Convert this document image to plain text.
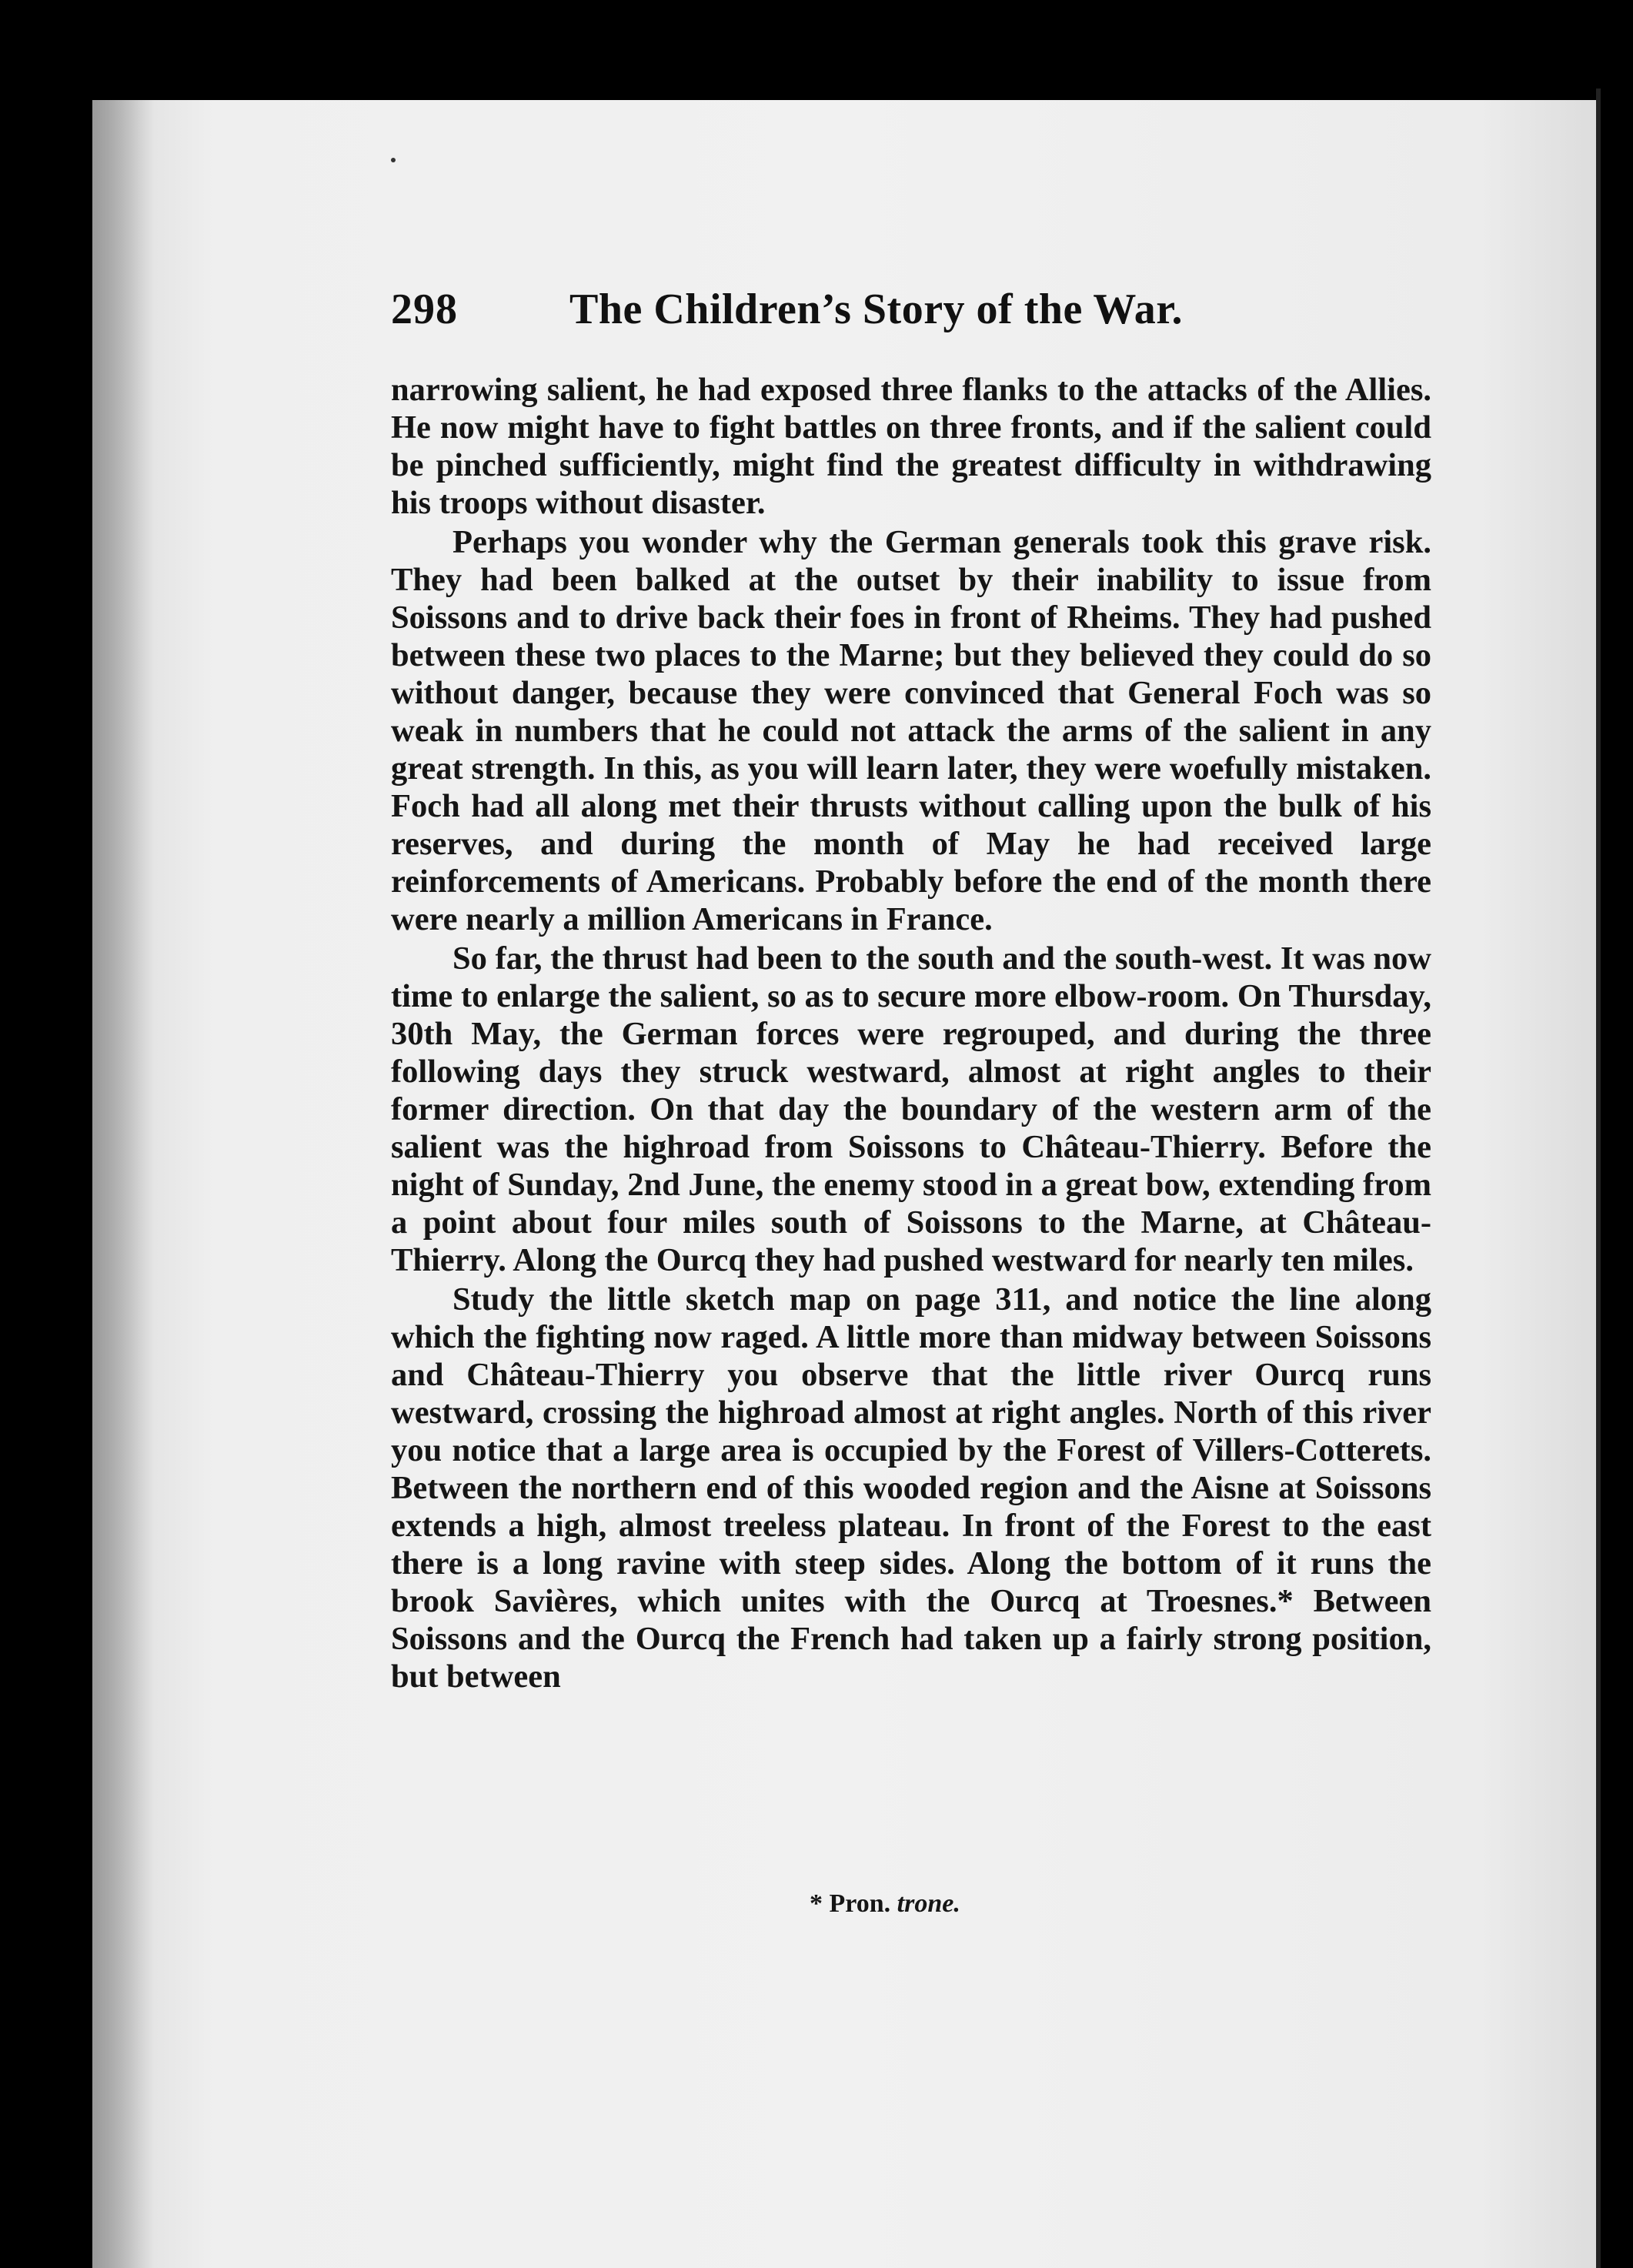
298	The Children’s Story of the War.

narrowing salient, he had exposed three flanks to the attacks of the Allies. He now might have to fight battles on three fronts, and if the salient could be pinched sufficiently, might find the greatest difficulty in withdrawing his troops without disaster.

Perhaps you wonder why the German generals took this grave risk. They had been balked at the outset by their inability to issue from Soissons and to drive back their foes in front of Rheims. They had pushed between these two places to the Marne; but they believed they could do so without danger, because they were convinced that General Foch was so weak in numbers that he could not attack the arms of the salient in any great strength. In this, as you will learn later, they were woefully mistaken. Foch had all along met their thrusts without calling upon the bulk of his reserves, and during the month of May he had received large reinforcements of Americans. Probably before the end of the month there were nearly a million Americans in France.

So far, the thrust had been to the south and the south-west. It was now time to enlarge the salient, so as to secure more elbow-room. On Thursday, 30th May, the German forces were regrouped, and during the three following days they struck westward, almost at right angles to their former direction. On that day the boundary of the western arm of the salient was the highroad from Soissons to Château-Thierry. Before the night of Sunday, 2nd June, the enemy stood in a great bow, extending from a point about four miles south of Soissons to the Marne, at Château-Thierry. Along the Ourcq they had pushed westward for nearly ten miles.

Study the little sketch map on page 311, and notice the line along which the fighting now raged. A little more than midway between Soissons and Château-Thierry you observe that the little river Ourcq runs westward, crossing the highroad almost at right angles. North of this river you notice that a large area is occupied by the Forest of Villers-Cotterets. Between the northern end of this wooded region and the Aisne at Soissons extends a high, almost treeless plateau. In front of the Forest to the east there is a long ravine with steep sides. Along the bottom of it runs the brook Savières, which unites with the Ourcq at Troesnes.* Between Soissons and the Ourcq the French had taken up a fairly strong position, but between

* Pron. trone.
